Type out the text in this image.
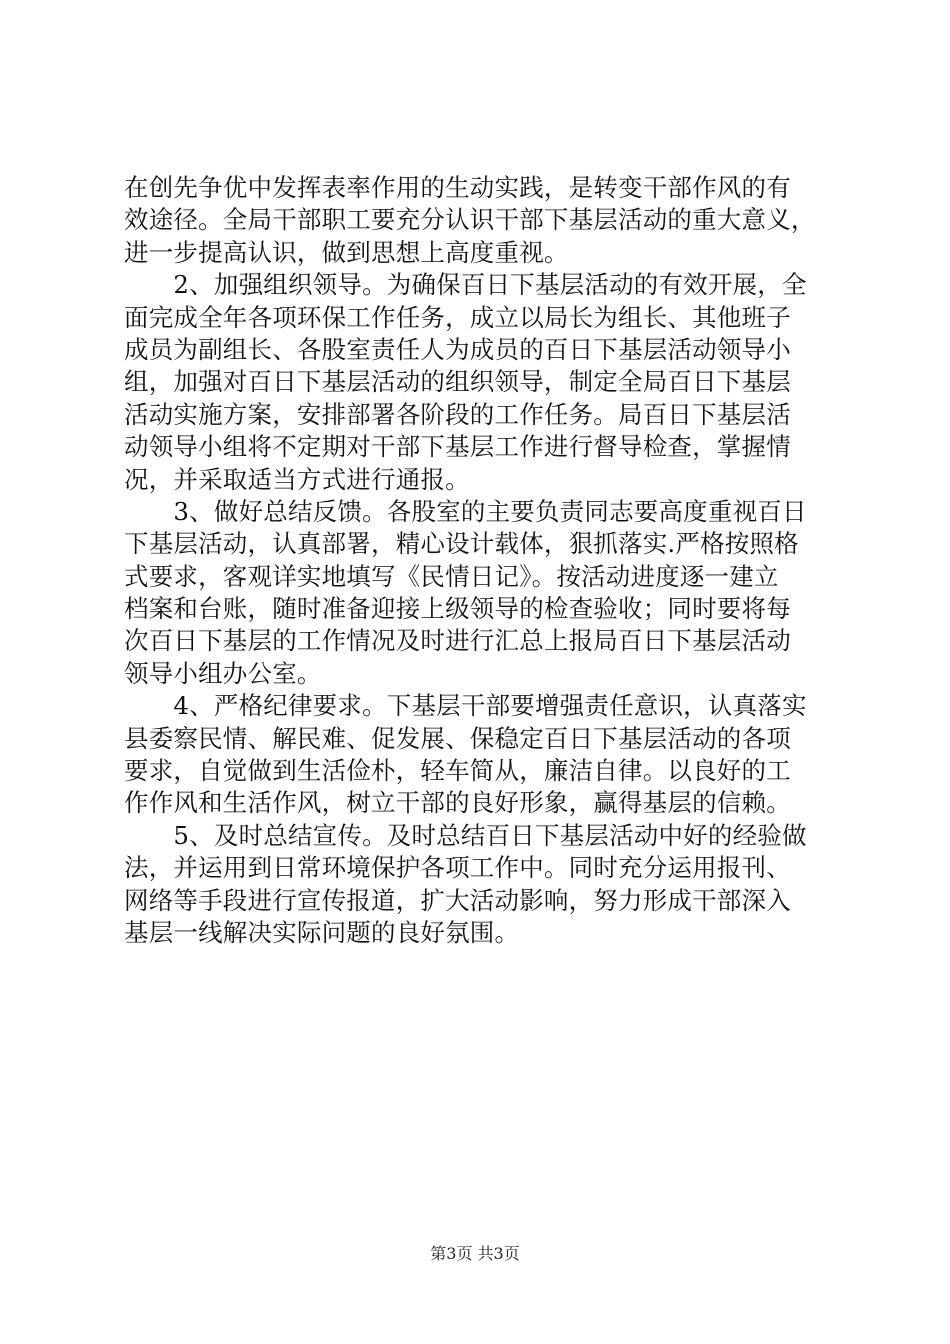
在创先争优中发挥表率作用的生动实践，是转变干部作风的有
效途径。全局干部职工要充分认识干部下基层活动的重大意义，
进一步提高认识，做到思想上高度重视。
　　2、加强组织领导。为确保百日下基层活动的有效开展，全
面完成全年各项环保工作任务，成立以局长为组长、其他班子
成员为副组长、各股室责任人为成员的百日下基层活动领导小
组，加强对百日下基层活动的组织领导，制定全局百日下基层
活动实施方案，安排部署各阶段的工作任务。局百日下基层活
动领导小组将不定期对干部下基层工作进行督导检查，掌握情
况，并采取适当方式进行通报。
　　3、做好总结反馈。各股室的主要负责同志要高度重视百日
下基层活动，认真部署，精心设计载体，狠抓落实.严格按照格
式要求，客观详实地填写《民情日记》。按活动进度逐一建立
档案和台账，随时准备迎接上级领导的检查验收；同时要将每
次百日下基层的工作情况及时进行汇总上报局百日下基层活动
领导小组办公室。
　　4、严格纪律要求。下基层干部要增强责任意识，认真落实
县委察民情、解民难、促发展、保稳定百日下基层活动的各项
要求，自觉做到生活俭朴，轻车简从，廉洁自律。以良好的工
作作风和生活作风，树立干部的良好形象，赢得基层的信赖。
　　5、及时总结宣传。及时总结百日下基层活动中好的经验做
法，并运用到日常环境保护各项工作中。同时充分运用报刊、
网络等手段进行宣传报道，扩大活动影响，努力形成干部深入
基层一线解决实际问题的良好氛围。
第3页 共3页
